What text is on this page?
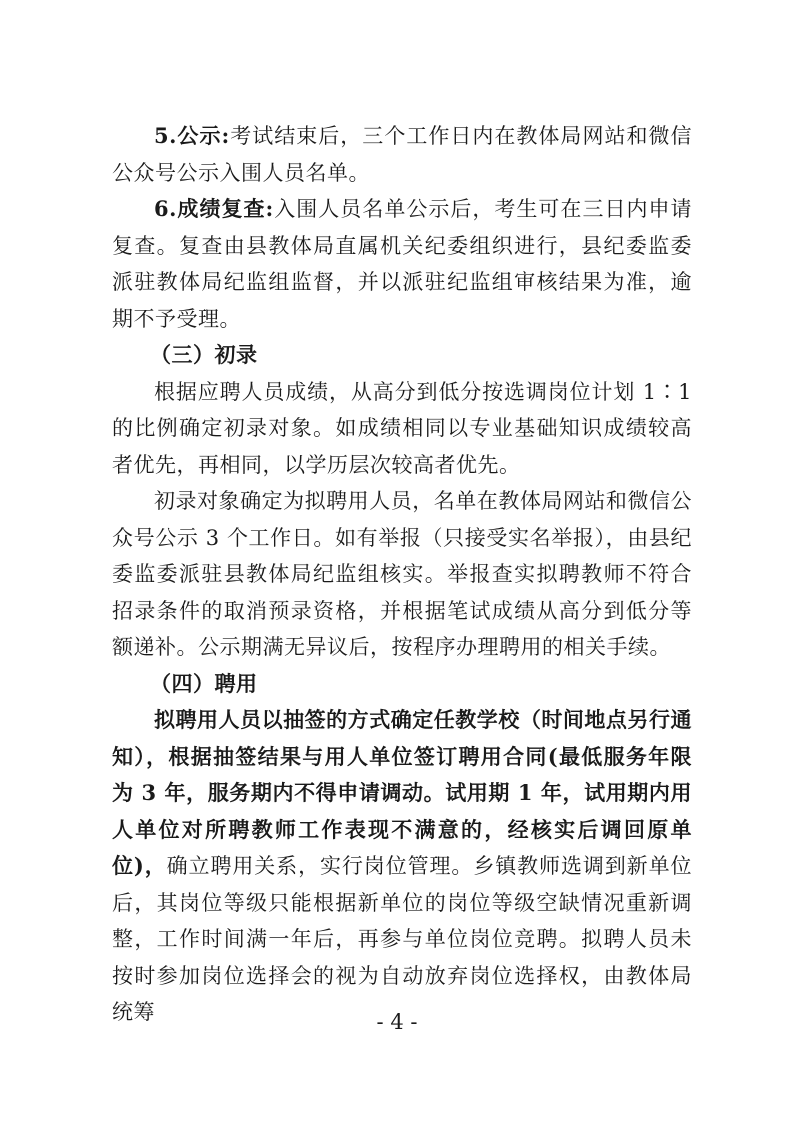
5.公示:考试结束后，三个工作日内在教体局网站和微信公众号公示入围人员名单。

6.成绩复查:入围人员名单公示后，考生可在三日内申请复查。复查由县教体局直属机关纪委组织进行，县纪委监委派驻教体局纪监组监督，并以派驻纪监组审核结果为准，逾期不予受理。

（三）初录

根据应聘人员成绩，从高分到低分按选调岗位计划 1∶1 的比例确定初录对象。如成绩相同以专业基础知识成绩较高者优先，再相同，以学历层次较高者优先。

初录对象确定为拟聘用人员，名单在教体局网站和微信公众号公示 3 个工作日。如有举报（只接受实名举报），由县纪委监委派驻县教体局纪监组核实。举报查实拟聘教师不符合招录条件的取消预录资格，并根据笔试成绩从高分到低分等额递补。公示期满无异议后，按程序办理聘用的相关手续。

（四）聘用

拟聘用人员以抽签的方式确定任教学校（时间地点另行通知），根据抽签结果与用人单位签订聘用合同(最低服务年限为 3 年，服务期内不得申请调动。试用期 1 年，试用期内用人单位对所聘教师工作表现不满意的，经核实后调回原单位)，确立聘用关系，实行岗位管理。乡镇教师选调到新单位后，其岗位等级只能根据新单位的岗位等级空缺情况重新调整，工作时间满一年后，再参与单位岗位竞聘。拟聘人员未按时参加岗位选择会的视为自动放弃岗位选择权，由教体局统筹	- 4 -
